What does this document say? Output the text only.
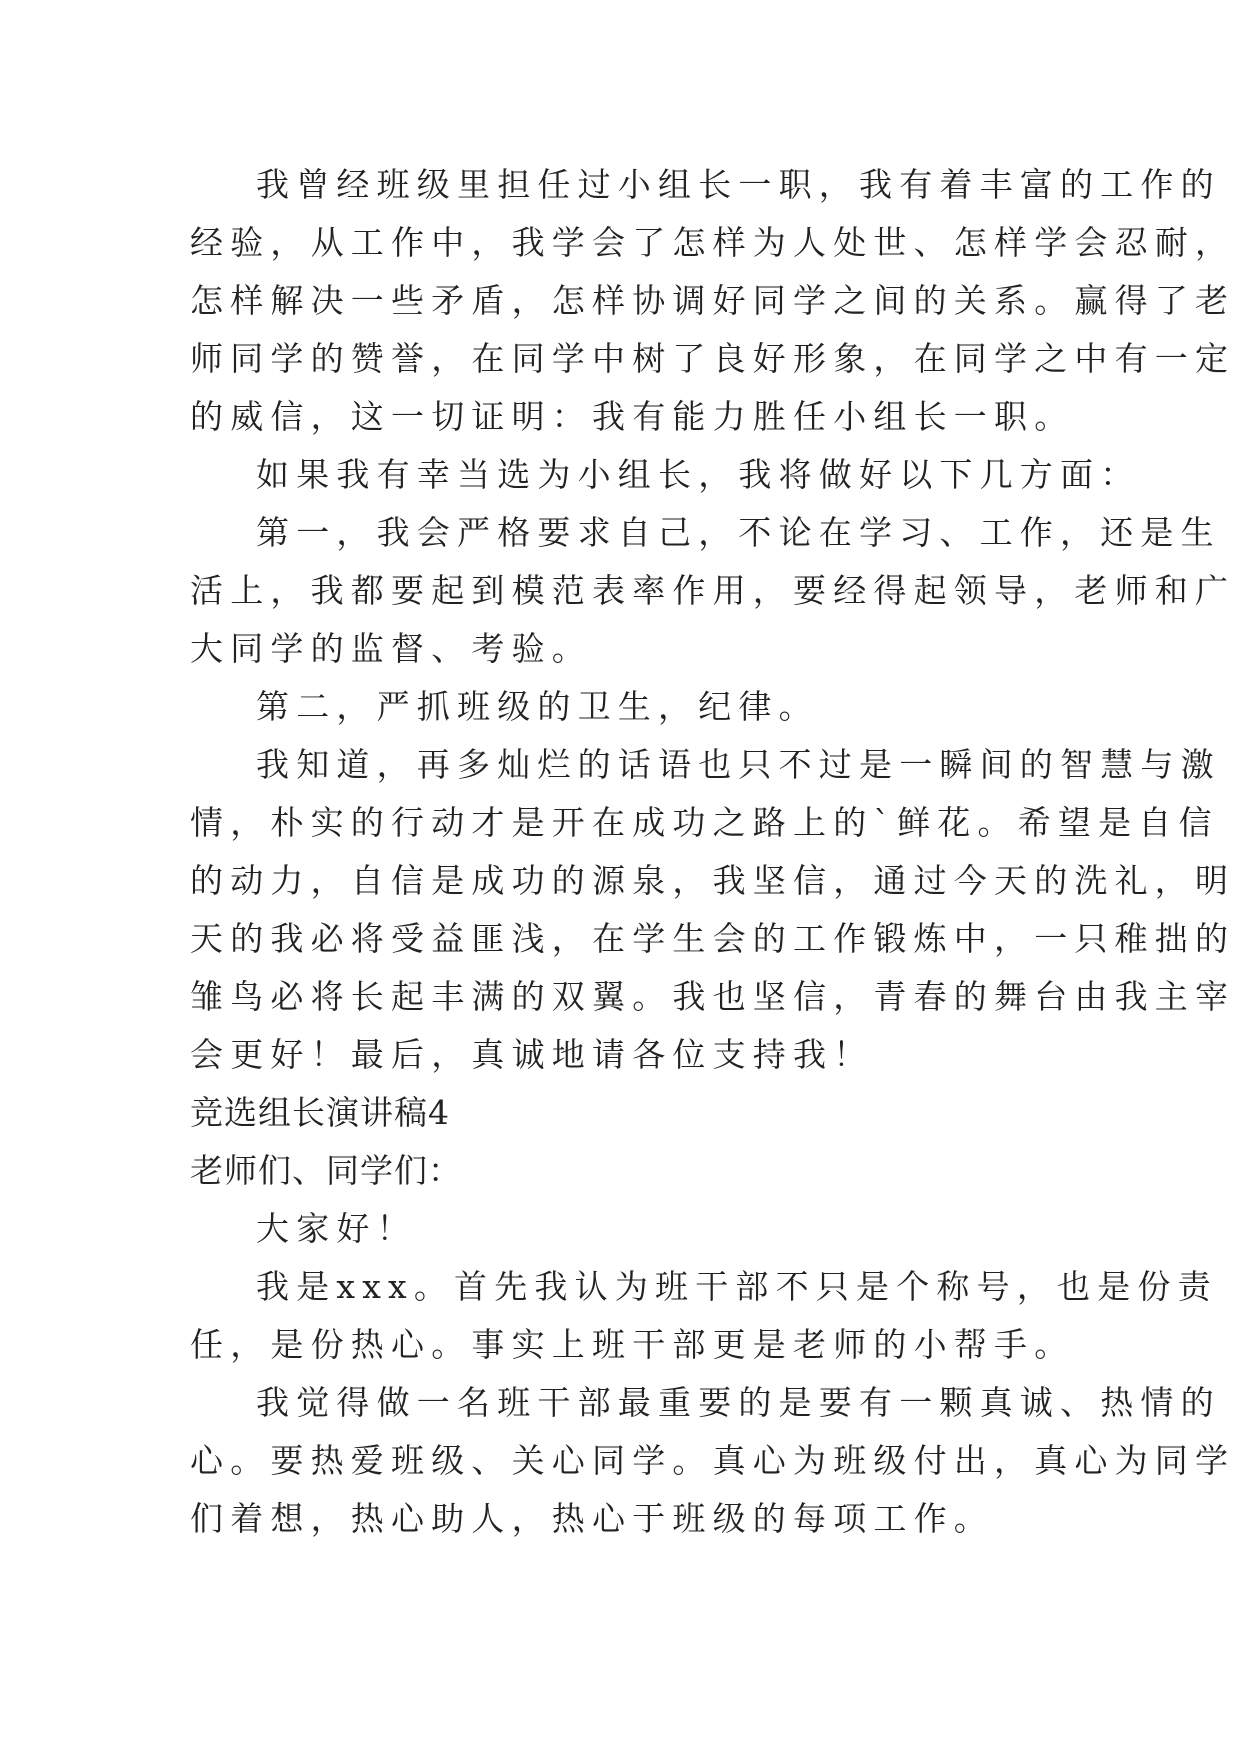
我曾经班级里担任过小组长一职，我有着丰富的工作的
经验，从工作中，我学会了怎样为人处世、怎样学会忍耐，
怎样解决一些矛盾，怎样协调好同学之间的关系。赢得了老
师同学的赞誉，在同学中树了良好形象，在同学之中有一定
的威信，这一切证明：我有能力胜任小组长一职。
如果我有幸当选为小组长，我将做好以下几方面：
第一，我会严格要求自己，不论在学习、工作，还是生
活上，我都要起到模范表率作用，要经得起领导，老师和广
大同学的监督、考验。
第二，严抓班级的卫生，纪律。
我知道，再多灿烂的话语也只不过是一瞬间的智慧与激
情，朴实的行动才是开在成功之路上的`鲜花。希望是自信
的动力，自信是成功的源泉，我坚信，通过今天的洗礼，明
天的我必将受益匪浅，在学生会的工作锻炼中，一只稚拙的
雏鸟必将长起丰满的双翼。我也坚信，青春的舞台由我主宰
会更好！最后，真诚地请各位支持我！
竞选组长演讲稿4
老师们、同学们：
大家好！
我是xxx。首先我认为班干部不只是个称号，也是份责
任，是份热心。事实上班干部更是老师的小帮手。
我觉得做一名班干部最重要的是要有一颗真诚、热情的
心。要热爱班级、关心同学。真心为班级付出，真心为同学
们着想，热心助人，热心于班级的每项工作。
